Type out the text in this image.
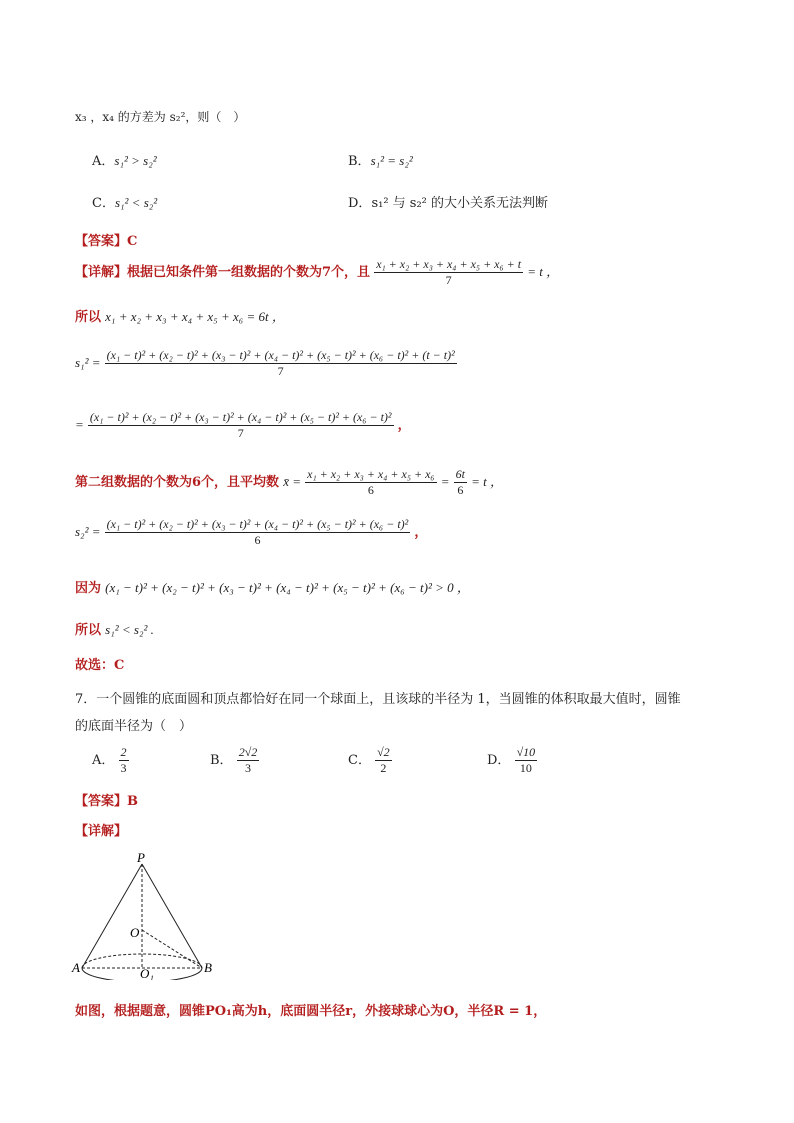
x₃ ，x₄ 的方差为 s₂²，则（　）
A．s₁² > s₂²	B．s₁² = s₂²
C．s₁² < s₂²	D．s₁² 与 s₂² 的大小关系无法判断
【答案】C
【详解】根据已知条件第一组数据的个数为7个，且 $\frac{\text{x₁ + x₂ + x₃ + x₄ + x₅ + x₆ + t}}{7} = t$ ，
所以 x₁ + x₂ + x₃ + x₄ + x₅ + x₆ = 6t ，
s₁² = (x₁ − t)² + (x₂ − t)² + (x₃ − t)² + (x₄ − t)² + (x₅ − t)² + (x₆ − t)² + (t − t)²
7
= (x₁ − t)² + (x₂ − t)² + (x₃ − t)² + (x₄ − t)² + (x₅ − t)² + (x₆ − t)²
7	，
第二组数据的个数为6个，且平均数 x̄ = $\frac{\text{x₁ + x₂ + x₃ + x₄ + x₅ + x₆}}{6} = \frac{6t}{6} = t$ ，
s₂² = (x₁ − t)² + (x₂ − t)² + (x₃ − t)² + (x₄ − t)² + (x₅ − t)² + (x₆ − t)²
6	，
因为 (x₁ − t)² + (x₂ − t)² + (x₃ − t)² + (x₄ − t)² + (x₅ − t)² + (x₆ − t)² > 0 ，
所以 s₁² < s₂² .
故选：C
7．一个圆锥的底面圆和顶点都恰好在同一个球面上，且该球的半径为 1，当圆锥的体积取最大值时，圆锥
的底面半径为（　）
A． $\frac{2}{3}$	B． $\frac{2√2}{3}$	C． $\frac{√2}{2}$	D． $\frac{√10}{10}$
【答案】B
【详解】
P
O
A	O₁	B
如图，根据题意，圆锥PO₁高为h，底面圆半径r，外接球球心为O，半径R = 1，
